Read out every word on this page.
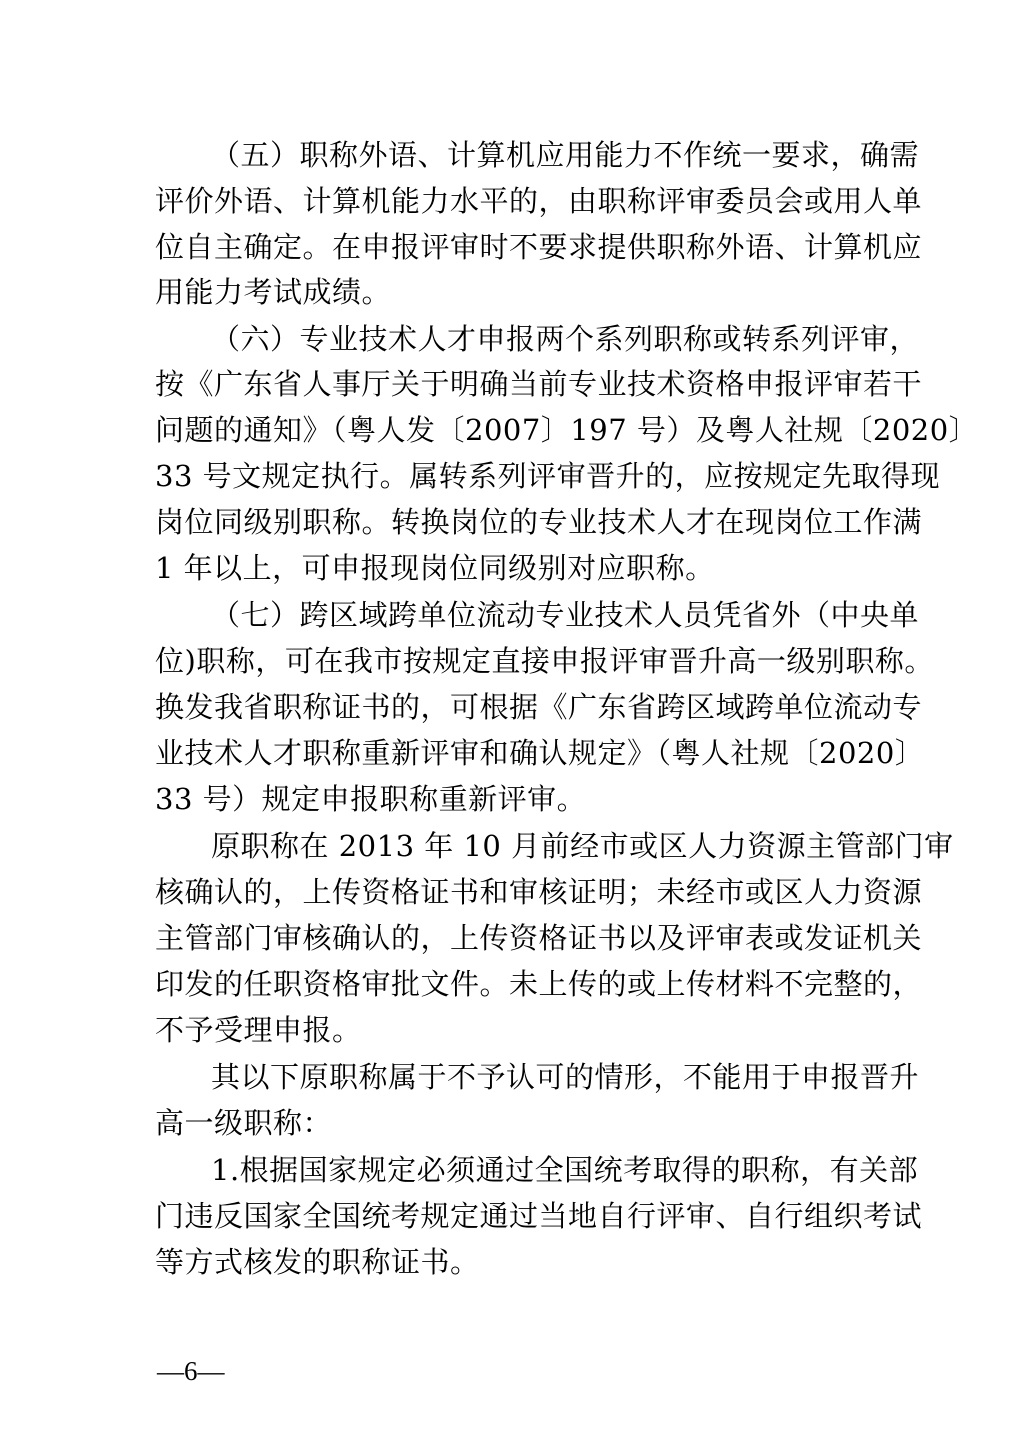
（五）职称外语、计算机应用能力不作统一要求，确需
评价外语、计算机能力水平的，由职称评审委员会或用人单
位自主确定。在申报评审时不要求提供职称外语、计算机应
用能力考试成绩。
（六）专业技术人才申报两个系列职称或转系列评审，
按《广东省人事厅关于明确当前专业技术资格申报评审若干
问题的通知》（粤人发〔2007〕197 号）及粤人社规〔2020〕
33 号文规定执行。属转系列评审晋升的，应按规定先取得现
岗位同级别职称。转换岗位的专业技术人才在现岗位工作满
1 年以上，可申报现岗位同级别对应职称。
（七）跨区域跨单位流动专业技术人员凭省外（中央单
位)职称，可在我市按规定直接申报评审晋升高一级别职称。
换发我省职称证书的，可根据《广东省跨区域跨单位流动专
业技术人才职称重新评审和确认规定》（粤人社规〔2020〕
33 号）规定申报职称重新评审。
原职称在 2013 年 10 月前经市或区人力资源主管部门审
核确认的，上传资格证书和审核证明；未经市或区人力资源
主管部门审核确认的，上传资格证书以及评审表或发证机关
印发的任职资格审批文件。未上传的或上传材料不完整的，
不予受理申报。
其以下原职称属于不予认可的情形，不能用于申报晋升
高一级职称：
1.根据国家规定必须通过全国统考取得的职称，有关部
门违反国家全国统考规定通过当地自行评审、自行组织考试
等方式核发的职称证书。
—6—
